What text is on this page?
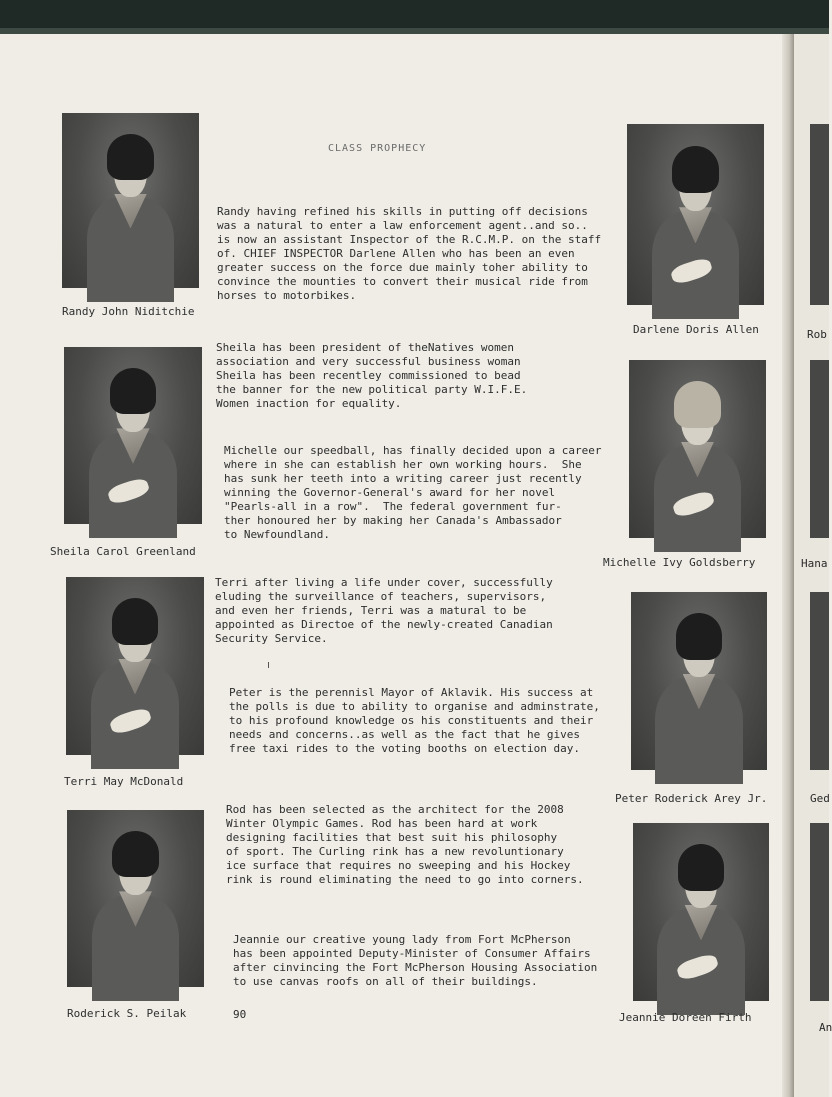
CLASS PROPHECY
Randy John Niditchie
Sheila Carol Greenland
Terri May McDonald
Roderick S. Peilak
Darlene Doris Allen
Michelle Ivy Goldsberry
Peter Roderick Arey Jr.
Jeannie Doreen Firth
Randy having refined his skills in putting off decisions
was a natural to enter a law enforcement agent..and so..
is now an assistant Inspector of the R.C.M.P. on the staff
of. CHIEF INSPECTOR Darlene Allen who has been an even
greater success on the force due mainly toher ability to
convince the mounties to convert their musical ride from
horses to motorbikes.
Sheila has been president of theNatives women
association and very successful business woman
Sheila has been recentley commissioned to bead
the banner for the new political party W.I.F.E.
Women inaction for equality.
Michelle our speedball, has finally decided upon a career
where in she can establish her own working hours.  She
has sunk her teeth into a writing career just recently
winning the Governor-General's award for her novel
"Pearls-all in a row".  The federal government fur-
ther honoured her by making her Canada's Ambassador
to Newfoundland.
Terri after living a life under cover, successfully
eluding the surveillance of teachers, supervisors,
and even her friends, Terri was a matural to be
appointed as Directoe of the newly-created Canadian
Security Service.
Peter is the perennisl Mayor of Aklavik. His success at
the polls is due to ability to organise and adminstrate,
to his profound knowledge os his constituents and their
needs and concerns..as well as the fact that he gives
free taxi rides to the voting booths on election day.
Rod has been selected as the architect for the 2008
Winter Olympic Games. Rod has been hard at work
designing facilities that best suit his philosophy
of sport. The Curling rink has a new revoluntionary
ice surface that requires no sweeping and his Hockey
rink is round eliminating the need to go into corners.
Jeannie our creative young lady from Fort McPherson
has been appointed Deputy-Minister of Consumer Affairs
after cinvincing the Fort McPherson Housing Association
to use canvas roofs on all of their buildings.
90
Rob
Hana
Ged
An
